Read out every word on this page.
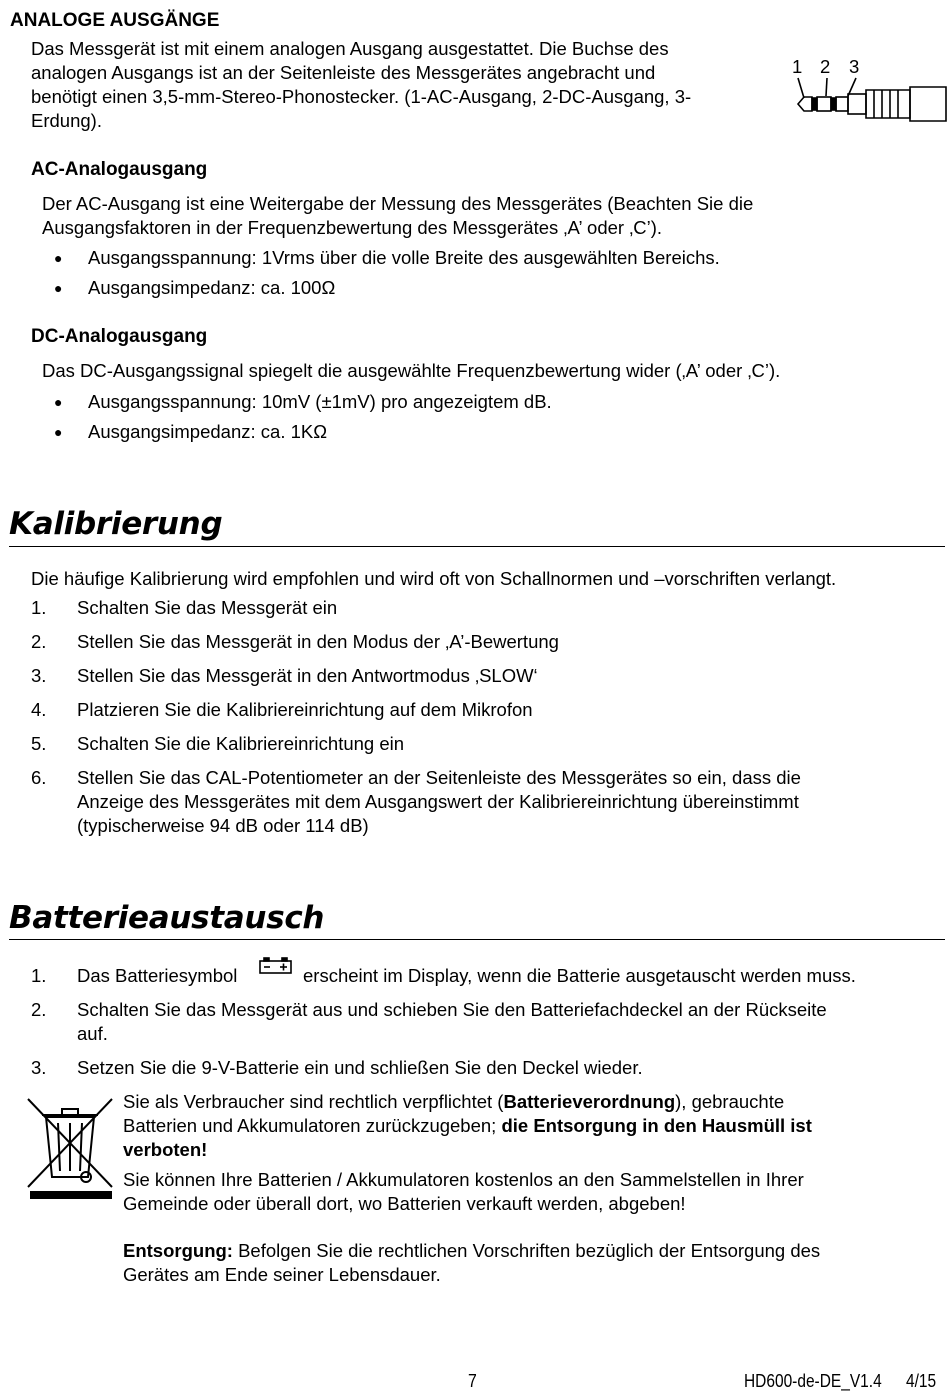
ANALOGE AUSGÄNGE
Das Messgerät ist mit einem analogen Ausgang ausgestattet. Die Buchse des
analogen Ausgangs ist an der Seitenleiste des Messgerätes angebracht und
benötigt einen 3,5-mm-Stereo-Phonostecker. (1-AC-Ausgang, 2-DC-Ausgang, 3-
Erdung).
1 2 3
AC-Analogausgang
Der AC-Ausgang ist eine Weitergabe der Messung des Messgerätes (Beachten Sie die
Ausgangsfaktoren in der Frequenzbewertung des Messgerätes ‚A’ oder ‚C’).
● Ausgangsspannung: 1Vrms über die volle Breite des ausgewählten Bereichs.
● Ausgangsimpedanz: ca. 100Ω
DC-Analogausgang
Das DC-Ausgangssignal spiegelt die ausgewählte Frequenzbewertung wider (‚A’ oder ‚C’).
● Ausgangsspannung: 10mV (±1mV) pro angezeigtem dB.
● Ausgangsimpedanz: ca. 1KΩ
Kalibrierung
Die häufige Kalibrierung wird empfohlen und wird oft von Schallnormen und –vorschriften verlangt.
1. Schalten Sie das Messgerät ein
2. Stellen Sie das Messgerät in den Modus der ‚A’-Bewertung
3. Stellen Sie das Messgerät in den Antwortmodus ‚SLOW‘
4. Platzieren Sie die Kalibriereinrichtung auf dem Mikrofon
5. Schalten Sie die Kalibriereinrichtung ein
6. Stellen Sie das CAL-Potentiometer an der Seitenleiste des Messgerätes so ein, dass die
Anzeige des Messgerätes mit dem Ausgangswert der Kalibriereinrichtung übereinstimmt
(typischerweise 94 dB oder 114 dB)
Batterieaustausch
1. Das Batteriesymbol	erscheint im Display, wenn die Batterie ausgetauscht werden muss.
2. Schalten Sie das Messgerät aus und schieben Sie den Batteriefachdeckel an der Rückseite
auf.
3. Setzen Sie die 9-V-Batterie ein und schließen Sie den Deckel wieder.
Sie als Verbraucher sind rechtlich verpflichtet (Batterieverordnung), gebrauchte
Batterien und Akkumulatoren zurückzugeben; die Entsorgung in den Hausmüll ist
verboten!
Sie können Ihre Batterien / Akkumulatoren kostenlos an den Sammelstellen in Ihrer
Gemeinde oder überall dort, wo Batterien verkauft werden, abgeben!
Entsorgung: Befolgen Sie die rechtlichen Vorschriften bezüglich der Entsorgung des
Gerätes am Ende seiner Lebensdauer.
7	HD600-de-DE_V1.4 4/15
